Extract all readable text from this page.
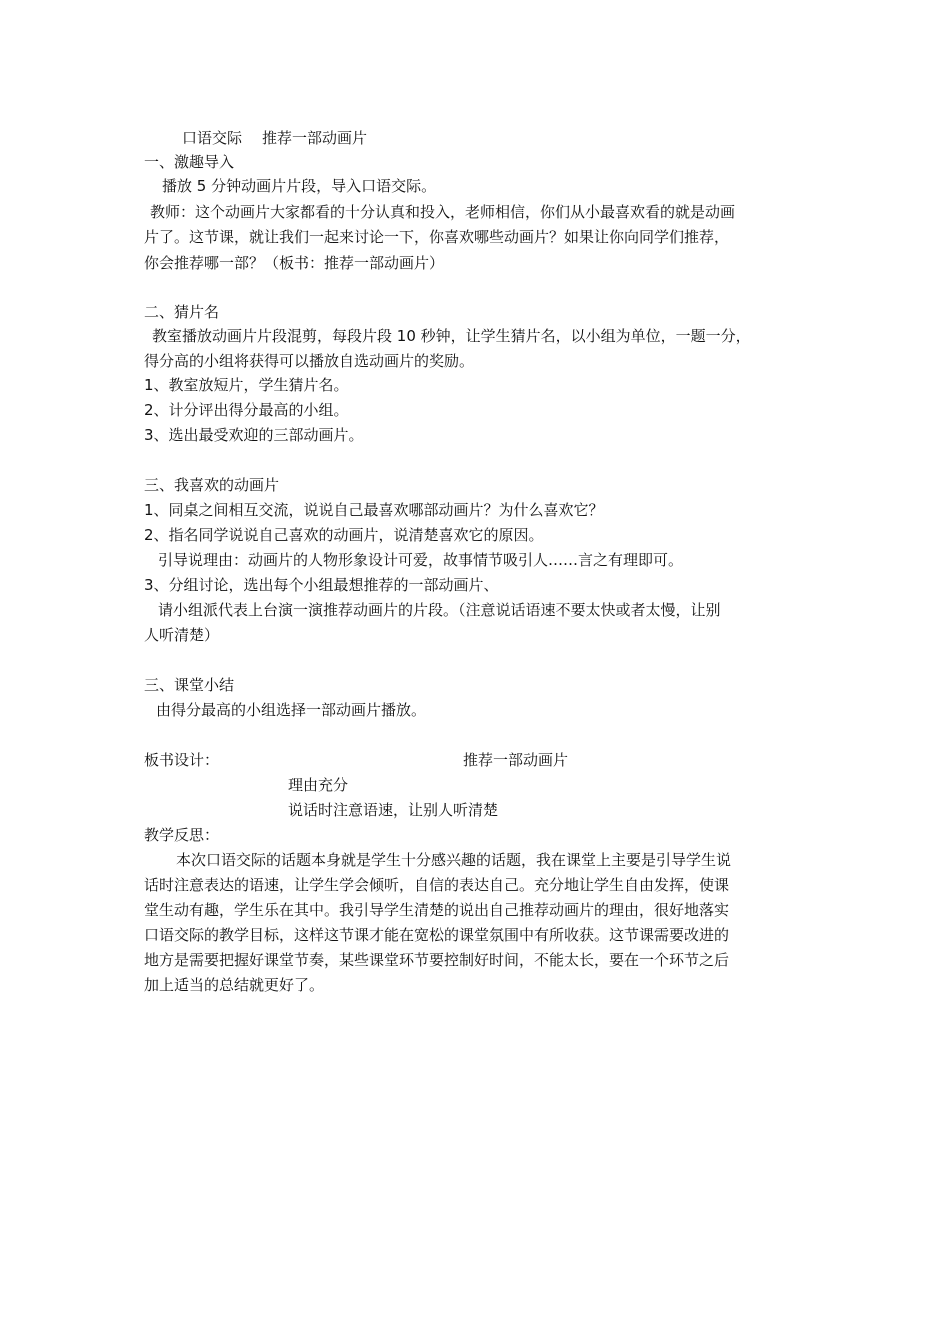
口语交际 推荐一部动画片
一、激趣导入
播放 5 分钟动画片片段，导入口语交际。
教师：这个动画片大家都看的十分认真和投入，老师相信，你们从小最喜欢看的就是动画
片了。这节课，就让我们一起来讨论一下，你喜欢哪些动画片？如果让你向同学们推荐，
你会推荐哪一部？（板书：推荐一部动画片）
二、猜片名
教室播放动画片片段混剪，每段片段 10 秒钟，让学生猜片名，以小组为单位，一题一分，
得分高的小组将获得可以播放自选动画片的奖励。
1、教室放短片，学生猜片名。
2、计分评出得分最高的小组。
3、选出最受欢迎的三部动画片。
三、我喜欢的动画片
1、同桌之间相互交流，说说自己最喜欢哪部动画片？为什么喜欢它？
2、指名同学说说自己喜欢的动画片，说清楚喜欢它的原因。
引导说理由：动画片的人物形象设计可爱，故事情节吸引人……言之有理即可。
3、分组讨论，选出每个小组最想推荐的一部动画片、
请小组派代表上台演一演推荐动画片的片段。（注意说话语速不要太快或者太慢，让别
人听清楚）
三、课堂小结
由得分最高的小组选择一部动画片播放。
板书设计：	推荐一部动画片
理由充分
说话时注意语速，让别人听清楚
教学反思：
本次口语交际的话题本身就是学生十分感兴趣的话题，我在课堂上主要是引导学生说
话时注意表达的语速，让学生学会倾听，自信的表达自己。充分地让学生自由发挥，使课
堂生动有趣，学生乐在其中。我引导学生清楚的说出自己推荐动画片的理由，很好地落实
口语交际的教学目标，这样这节课才能在宽松的课堂氛围中有所收获。这节课需要改进的
地方是需要把握好课堂节奏，某些课堂环节要控制好时间，不能太长，要在一个环节之后
加上适当的总结就更好了。
